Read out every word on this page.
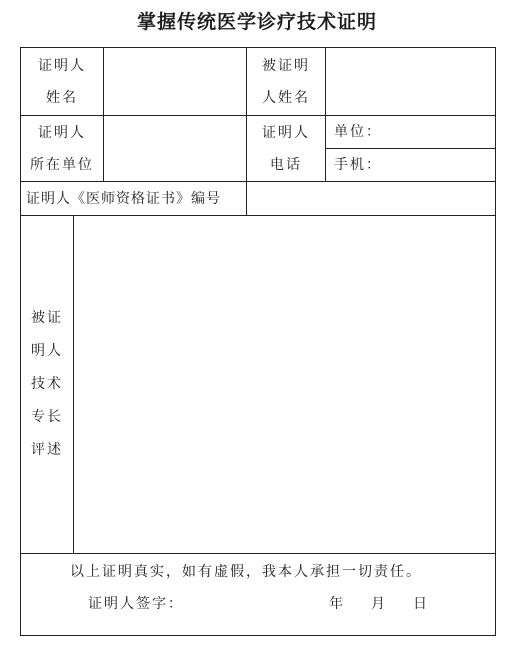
掌握传统医学诊疗技术证明
证明人
姓名
被证明
人姓名
证明人
所在单位
证明人
电话
单位：
手机：
证明人《医师资格证书》编号
被证
明人
技术
专长
评述
以上证明真实，如有虚假，我本人承担一切责任。
证明人签字：	年 月 日
